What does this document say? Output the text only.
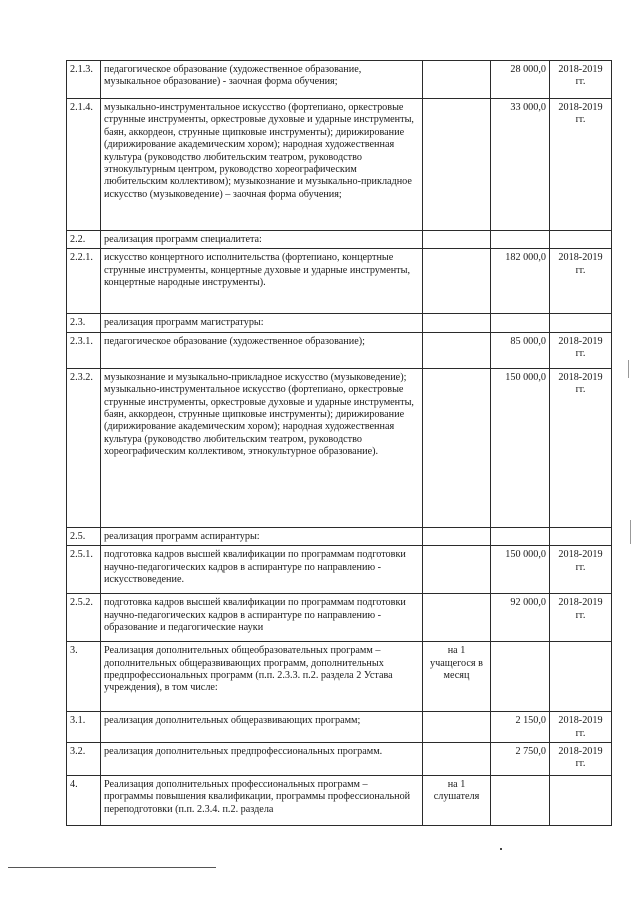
2.1.3.	педагогическое образование (художественное образование, музыкальное образование) - заочная форма обучения;		28 000,0	2018-2019 гг.
2.1.4.	музыкально-инструментальное искусство (фортепиано, оркестровые струнные инструменты, оркестровые духовые и ударные инструменты, баян, аккордеон, струнные щипковые инструменты); дирижирование (дирижирование академическим хором); народная художественная культура (руководство любительским театром, руководство этнокультурным центром, руководство хореографическим любительским коллективом); музыкознание и музыкально-прикладное искусство (музыковедение) – заочная форма обучения;		33 000,0	2018-2019 гг.
2.2.	реализация программ специалитета:			
2.2.1.	искусство концертного исполнительства (фортепиано, концертные струнные инструменты, концертные духовые и ударные инструменты, концертные народные инструменты).		182 000,0	2018-2019 гг.
2.3.	реализация программ магистратуры:			
2.3.1.	педагогическое образование (художественное образование);		85 000,0	2018-2019 гг.
2.3.2.	музыкознание и музыкально-прикладное искусство (музыковедение); музыкально-инструментальное искусство (фортепиано, оркестровые струнные инструменты, оркестровые духовые и ударные инструменты, баян, аккордеон, струнные щипковые инструменты); дирижирование (дирижирование академическим хором); народная художественная культура (руководство любительским театром, руководство хореографическим коллективом, этнокультурное образование).		150 000,0	2018-2019 гг.
2.5.	реализация программ аспирантуры:			
2.5.1.	подготовка кадров высшей квалификации по программам подготовки научно-педагогических кадров в аспирантуре по направлению - искусствоведение.		150 000,0	2018-2019 гг.
2.5.2.	подготовка кадров высшей квалификации по программам подготовки научно-педагогических кадров в аспирантуре по направлению - образование и педагогические науки		92 000,0	2018-2019 гг.
3.	Реализация дополнительных общеобразовательных программ –дополнительных общеразвивающих программ, дополнительных предпрофессиональных программ (п.п. 2.3.3. п.2. раздела 2 Устава учреждения), в том числе:	на 1 учащегося в месяц		
3.1.	реализация дополнительных общеразвивающих программ;		2 150,0	2018-2019 гг.
3.2.	реализация дополнительных предпрофессиональных программ.		2 750,0	2018-2019 гг.
4.	Реализация дополнительных профессиональных программ – программы повышения квалификации, программы профессиональной переподготовки (п.п. 2.3.4. п.2. раздела	на 1 слушателя		
